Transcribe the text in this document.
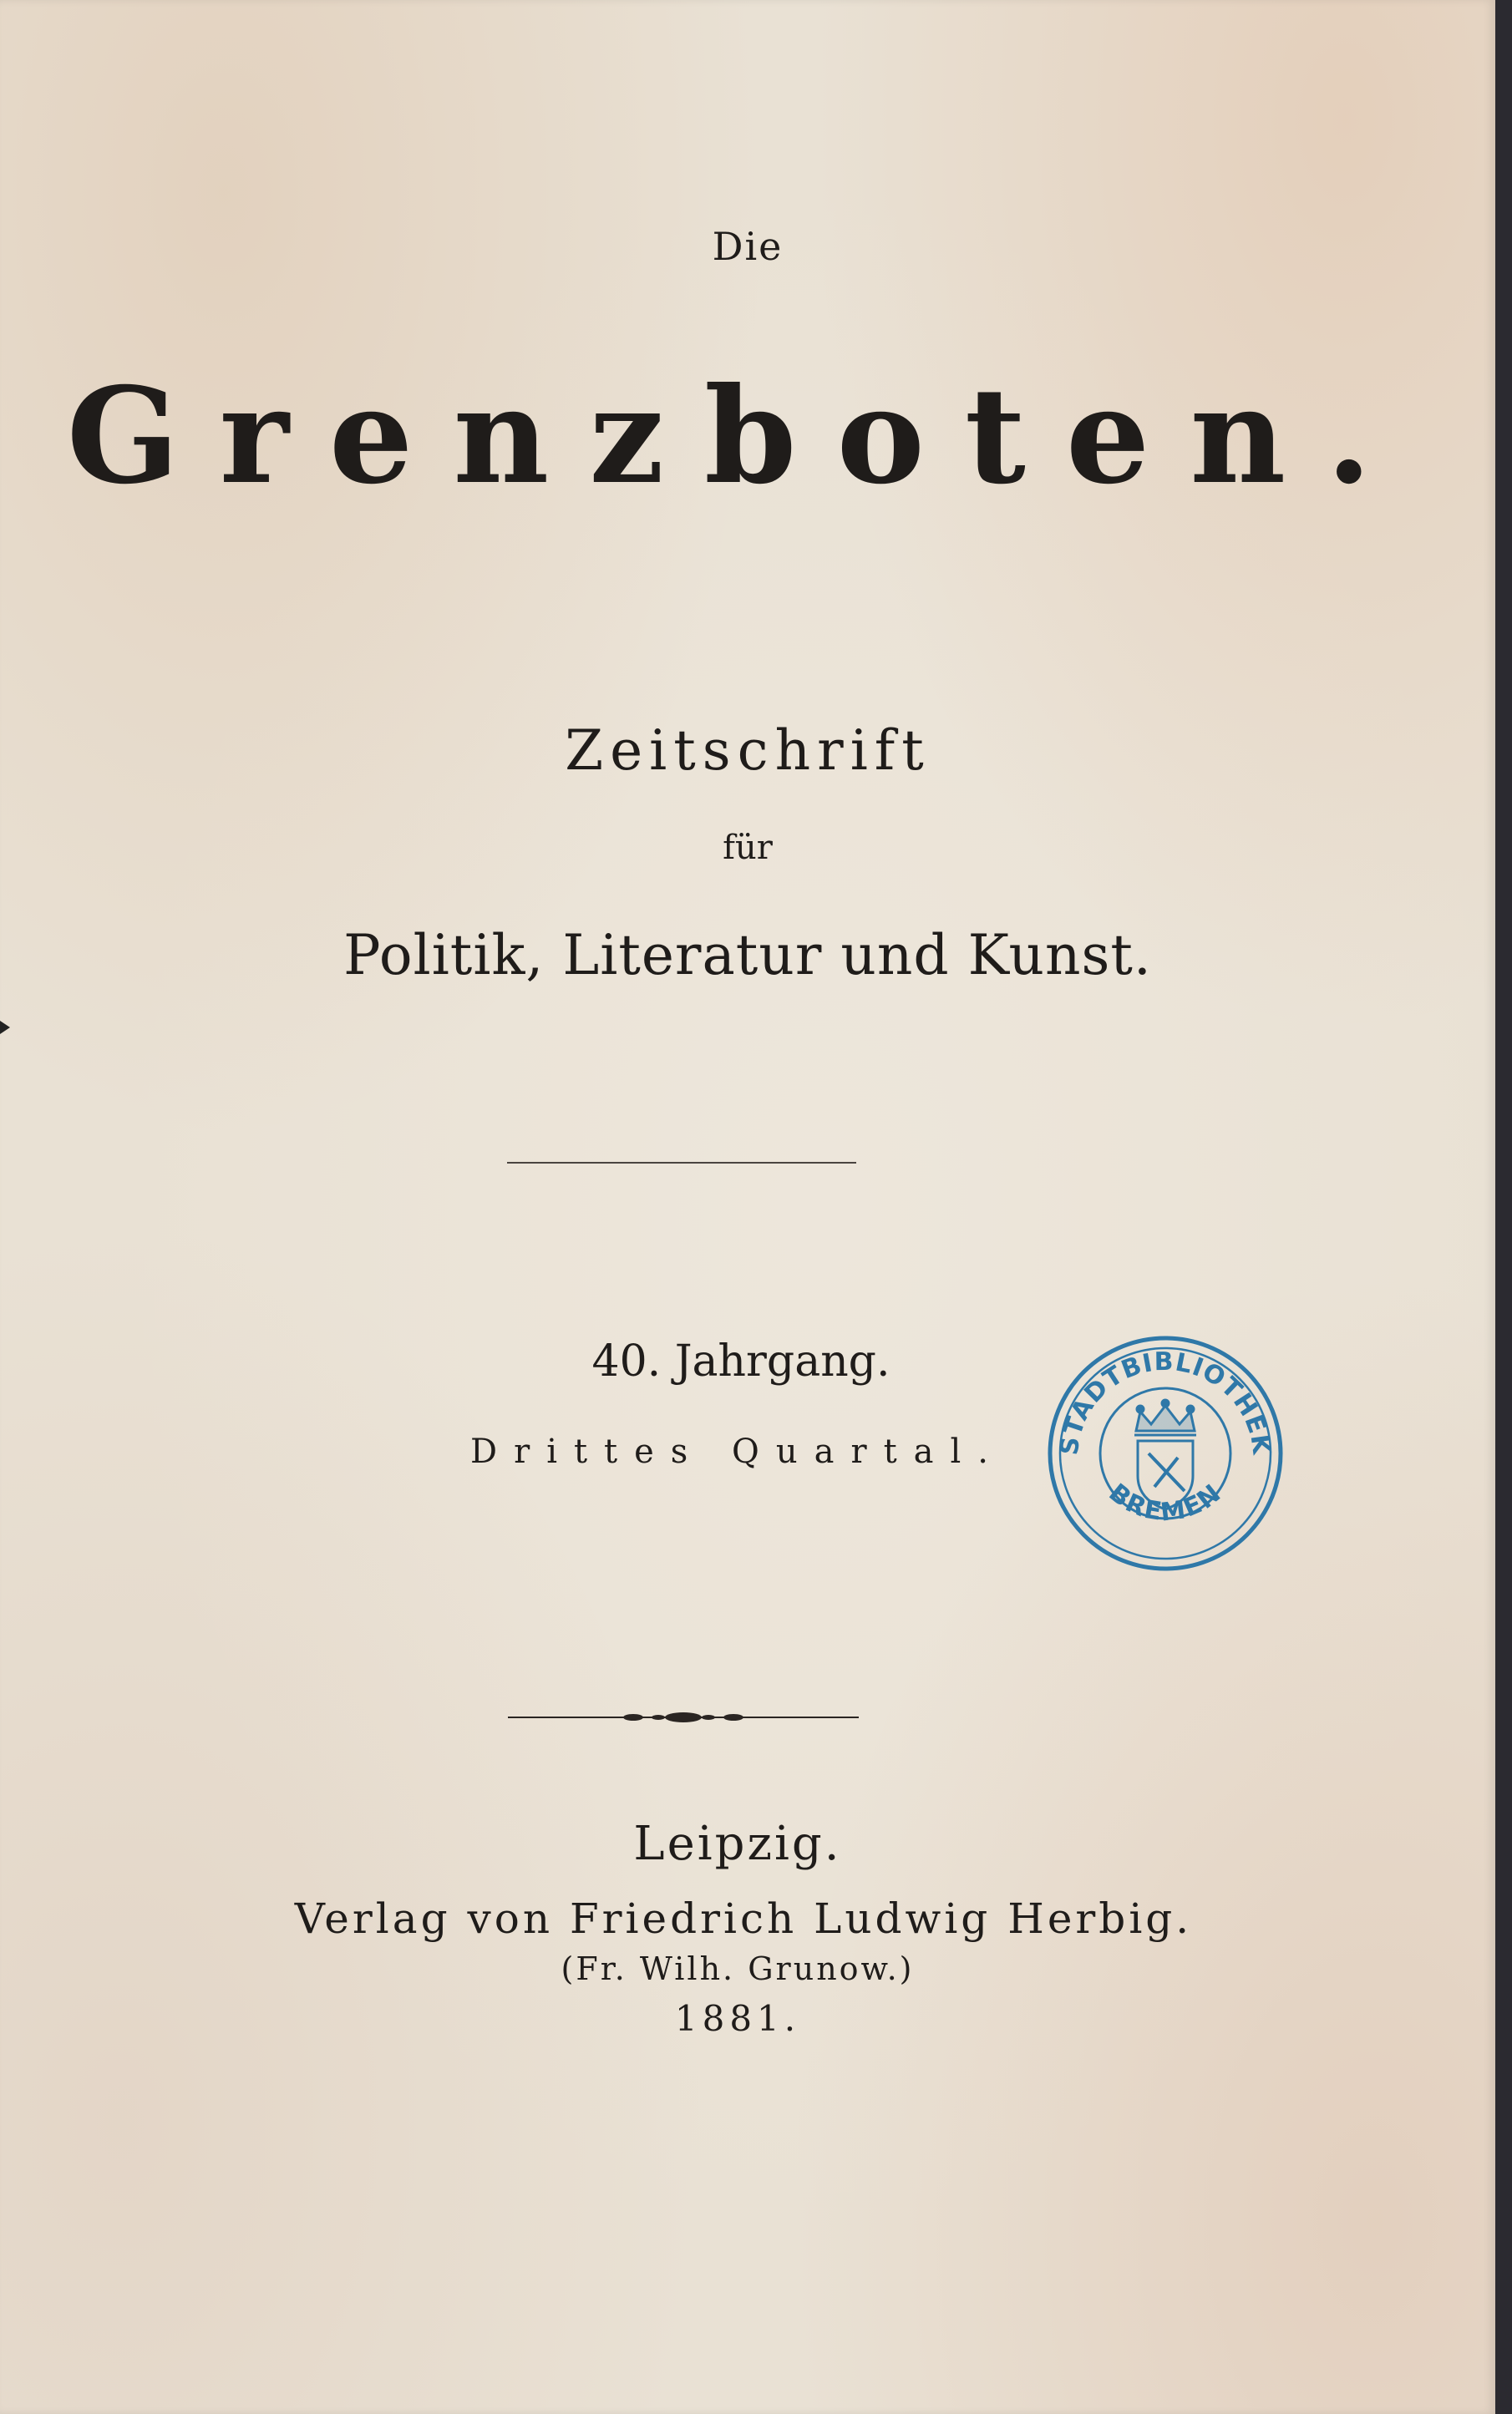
Die
Grenzboten.
Zeitschrift
für
Politik, Literatur und Kunst.
40. Jahrgang.
Drittes Quartal.	STADTBIBLIOTHEK
BREMEN
Leipzig.
Verlag von Friedrich Ludwig Herbig.
(Fr. Wilh. Grunow.)
1881.
